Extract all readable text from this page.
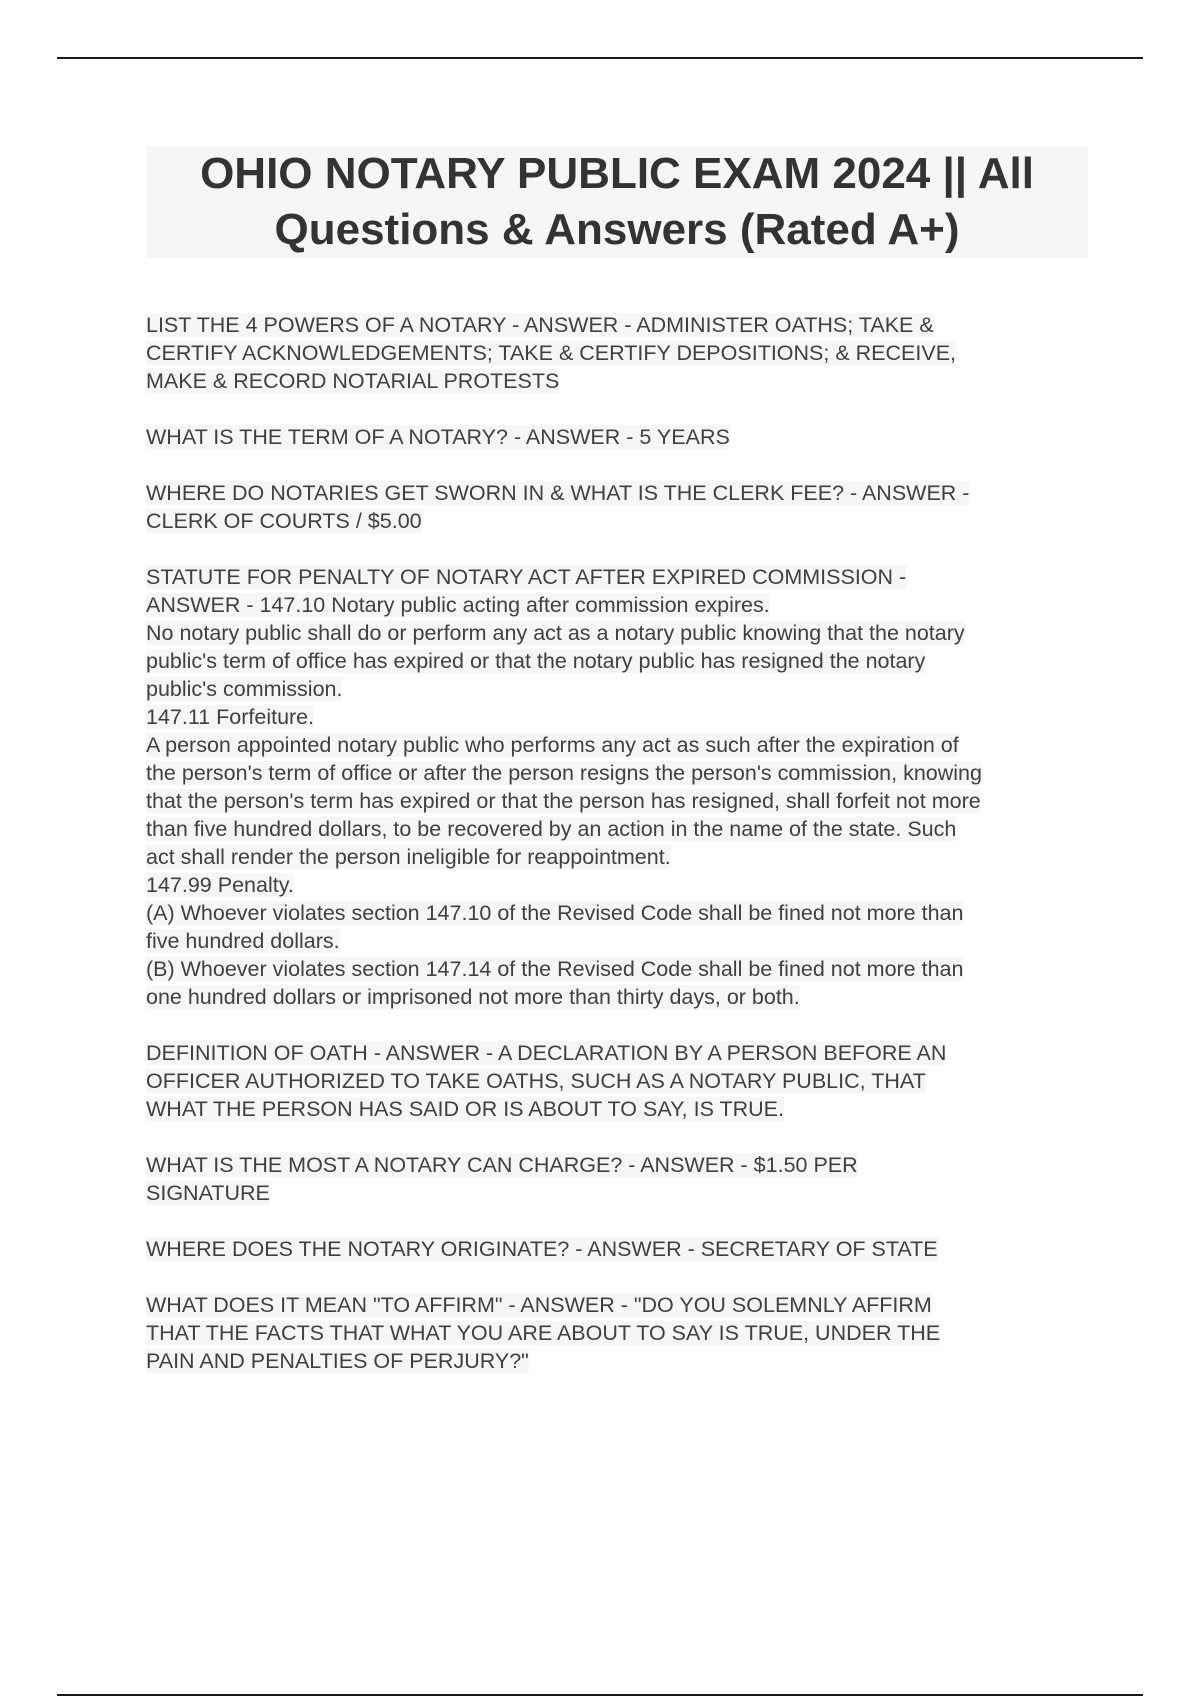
OHIO NOTARY PUBLIC EXAM 2024 || All
Questions & Answers (Rated A+)

LIST THE 4 POWERS OF A NOTARY - ANSWER - ADMINISTER OATHS; TAKE &
CERTIFY ACKNOWLEDGEMENTS; TAKE & CERTIFY DEPOSITIONS; & RECEIVE,
MAKE & RECORD NOTARIAL PROTESTS

WHAT IS THE TERM OF A NOTARY? - ANSWER - 5 YEARS

WHERE DO NOTARIES GET SWORN IN & WHAT IS THE CLERK FEE? - ANSWER -
CLERK OF COURTS / $5.00

STATUTE FOR PENALTY OF NOTARY ACT AFTER EXPIRED COMMISSION -
ANSWER - 147.10 Notary public acting after commission expires.
No notary public shall do or perform any act as a notary public knowing that the notary
public's term of office has expired or that the notary public has resigned the notary
public's commission.
147.11 Forfeiture.
A person appointed notary public who performs any act as such after the expiration of
the person's term of office or after the person resigns the person's commission, knowing
that the person's term has expired or that the person has resigned, shall forfeit not more
than five hundred dollars, to be recovered by an action in the name of the state. Such
act shall render the person ineligible for reappointment.
147.99 Penalty.
(A) Whoever violates section 147.10 of the Revised Code shall be fined not more than
five hundred dollars.
(B) Whoever violates section 147.14 of the Revised Code shall be fined not more than
one hundred dollars or imprisoned not more than thirty days, or both.

DEFINITION OF OATH - ANSWER - A DECLARATION BY A PERSON BEFORE AN
OFFICER AUTHORIZED TO TAKE OATHS, SUCH AS A NOTARY PUBLIC, THAT
WHAT THE PERSON HAS SAID OR IS ABOUT TO SAY, IS TRUE.

WHAT IS THE MOST A NOTARY CAN CHARGE? - ANSWER - $1.50 PER
SIGNATURE

WHERE DOES THE NOTARY ORIGINATE? - ANSWER - SECRETARY OF STATE

WHAT DOES IT MEAN "TO AFFIRM" - ANSWER - "DO YOU SOLEMNLY AFFIRM
THAT THE FACTS THAT WHAT YOU ARE ABOUT TO SAY IS TRUE, UNDER THE
PAIN AND PENALTIES OF PERJURY?"
